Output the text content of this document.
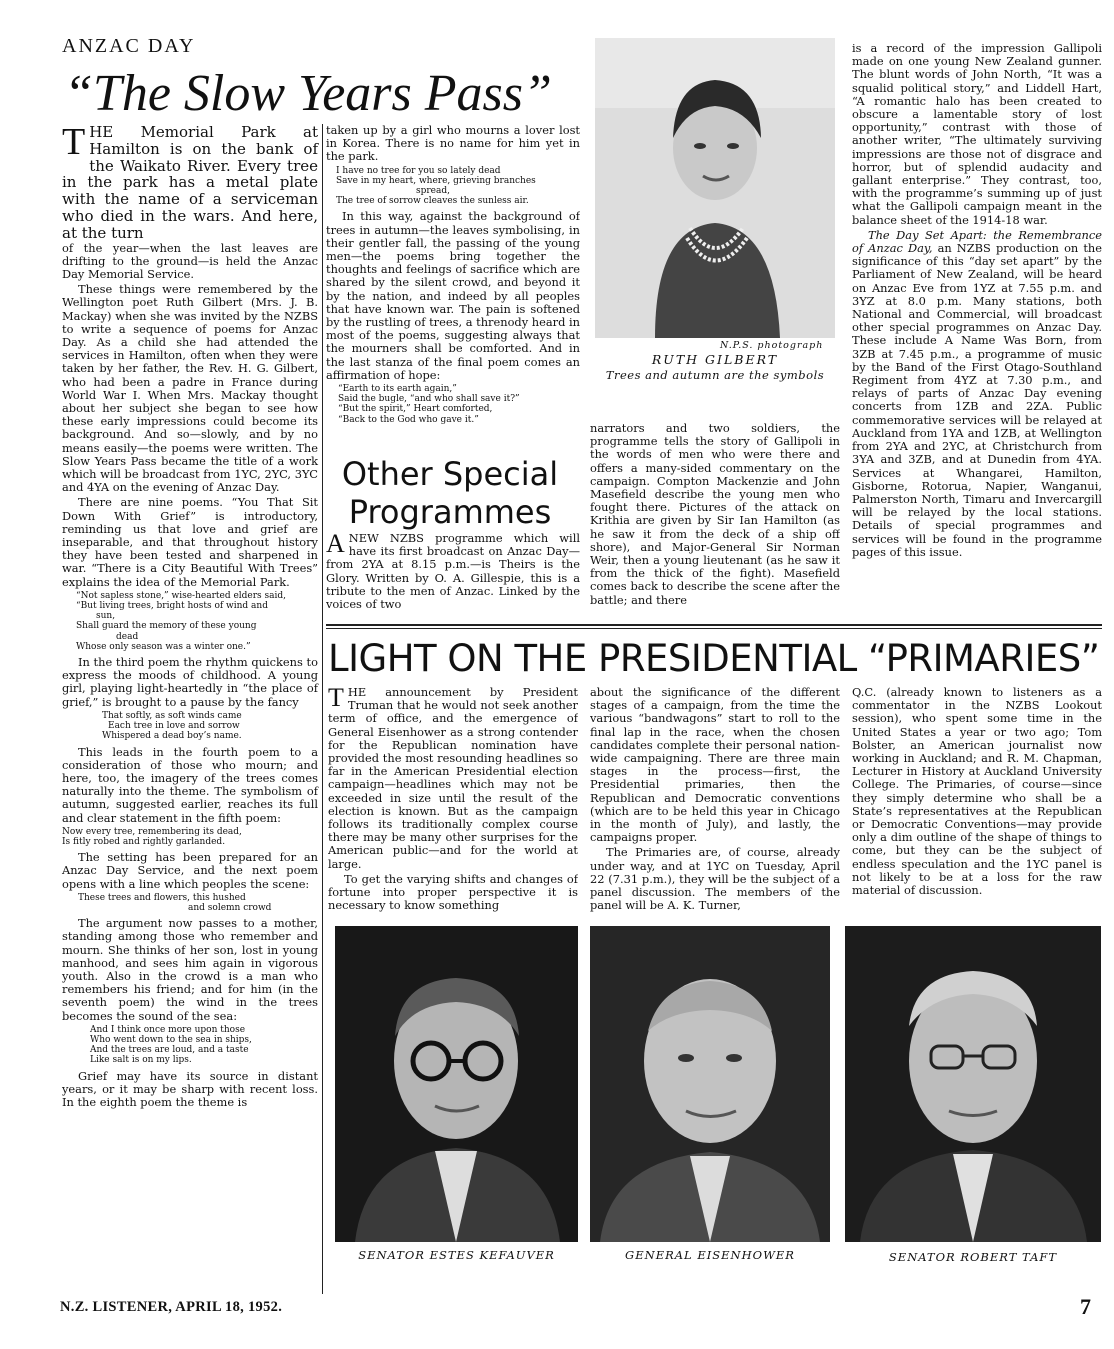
ANZAC DAY
“The Slow Years Pass”

THE Memorial Park at Hamilton is on the bank of the Waikato River. Every tree in the park has a metal plate with the name of a serviceman who died in the wars. And here, at the turn

of the year—when the last leaves are drifting to the ground—is held the Anzac Day Memorial Service.

These things were remembered by the Wellington poet Ruth Gilbert (Mrs. J. B. Mackay) when she was invited by the NZBS to write a sequence of poems for Anzac Day. As a child she had attended the services in Hamilton, often when they were taken by her father, the Rev. H. G. Gilbert, who had been a padre in France during World War I. When Mrs. Mackay thought about her subject she began to see how these early impressions could become its background. And so—slowly, and by no means easily—the poems were written. The Slow Years Pass became the title of a work which will be broadcast from 1YC, 2YC, 3YC and 4YA on the evening of Anzac Day.

There are nine poems. “You That Sit Down With Grief” is introductory, reminding us that love and grief are inseparable, and that throughout history they have been tested and sharpened in war. “There is a City Beautiful With Trees” explains the idea of the Memorial Park.

“Not sapless stone,” wise-hearted elders said,
“But living trees, bright hosts of wind and
sun,
Shall guard the memory of these young
dead
Whose only season was a winter one.”

In the third poem the rhythm quickens to express the moods of childhood. A young girl, playing light-heartedly in “the place of grief,” is brought to a pause by the fancy

That softly, as soft winds came
Each tree in love and sorrow
Whispered a dead boy’s name.

This leads in the fourth poem to a consideration of those who mourn; and here, too, the imagery of the trees comes naturally into the theme. The symbolism of autumn, suggested earlier, reaches its full and clear statement in the fifth poem:

Now every tree, remembering its dead,
Is fitly robed and rightly garlanded.

The setting has been prepared for an Anzac Day Service, and the next poem opens with a line which peoples the scene:

These trees and flowers, this hushed
and solemn crowd

The argument now passes to a mother, standing among those who remember and mourn. She thinks of her son, lost in young manhood, and sees him again in vigorous youth. Also in the crowd is a man who remembers his friend; and for him (in the seventh poem) the wind in the trees becomes the sound of the sea:

And I think once more upon those
Who went down to the sea in ships,
And the trees are loud, and a taste
Like salt is on my lips.

Grief may have its source in distant years, or it may be sharp with recent loss. In the eighth poem the theme is

taken up by a girl who mourns a lover lost in Korea. There is no name for him yet in the park.

I have no tree for you so lately dead
Save in my heart, where, grieving branches
spread,
The tree of sorrow cleaves the sunless air.

In this way, against the background of trees in autumn—the leaves symbolising, in their gentler fall, the passing of the young men—the poems bring together the thoughts and feelings of sacrifice which are shared by the silent crowd, and beyond it by the nation, and indeed by all peoples that have known war. The pain is softened by the rustling of trees, a threnody heard in most of the poems, suggesting always that the mourners shall be comforted. And in the last stanza of the final poem comes an affirmation of hope:

“Earth to its earth again,”
Said the bugle, “and who shall save it?”
“But the spirit,” Heart comforted,
“Back to the God who gave it.”
Other Special Programmes

ANEW NZBS programme which will have its first broadcast on Anzac Day—from 2YA at 8.15 p.m.—is Theirs is the Glory. Written by O. A. Gillespie, this is a tribute to the men of Anzac. Linked by the voices of two

N.P.S. photograph
RUTH GILBERT
Trees and autumn are the symbols

narrators and two soldiers, the programme tells the story of Gallipoli in the words of men who were there and offers a many-sided commentary on the campaign. Compton Mackenzie and John Masefield describe the young men who fought there. Pictures of the attack on Krithia are given by Sir Ian Hamilton (as he saw it from the deck of a ship off shore), and Major-General Sir Norman Weir, then a young lieutenant (as he saw it from the thick of the fight). Masefield comes back to describe the scene after the battle; and there

is a record of the impression Gallipoli made on one young New Zealand gunner. The blunt words of John North, “It was a squalid political story,” and Liddell Hart, “A romantic halo has been created to obscure a lamentable story of lost opportunity,” contrast with those of another writer, “The ultimately surviving impressions are those not of disgrace and horror, but of splendid audacity and gallant enterprise.” They contrast, too, with the programme’s summing up of just what the Gallipoli campaign meant in the balance sheet of the 1914-18 war.

The Day Set Apart: the Remembrance of Anzac Day, an NZBS production on the significance of this “day set apart” by the Parliament of New Zealand, will be heard on Anzac Eve from 1YZ at 7.55 p.m. and 3YZ at 8.0 p.m. Many stations, both National and Commercial, will broadcast other special programmes on Anzac Day. These include A Name Was Born, from 3ZB at 7.45 p.m., a programme of music by the Band of the First Otago-Southland Regiment from 4YZ at 7.30 p.m., and relays of parts of Anzac Day evening concerts from 1ZB and 2ZA. Public commemorative services will be relayed at Auckland from 1YA and 1ZB, at Wellington from 2YA and 2YC, at Christchurch from 3YA and 3ZB, and at Dunedin from 4YA. Services at Whangarei, Hamilton, Gisborne, Rotorua, Napier, Wanganui, Palmerston North, Timaru and Invercargill will be relayed by the local stations. Details of special programmes and services will be found in the programme pages of this issue.

LIGHT ON THE PRESIDENTIAL “PRIMARIES”

THE announcement by President Truman that he would not seek another term of office, and the emergence of General Eisenhower as a strong contender for the Republican nomination have provided the most resounding headlines so far in the American Presidential election campaign—headlines which may not be exceeded in size until the result of the election is known. But as the campaign follows its traditionally complex course there may be many other surprises for the American public—and for the world at large.

To get the varying shifts and changes of fortune into proper perspective it is necessary to know something

about the significance of the different stages of a campaign, from the time the various “bandwagons” start to roll to the final lap in the race, when the chosen candidates complete their personal nation-wide campaigning. There are three main stages in the process—first, the Presidential primaries, then the Republican and Democratic conventions (which are to be held this year in Chicago in the month of July), and lastly, the campaigns proper.

The Primaries are, of course, already under way, and at 1YC on Tuesday, April 22 (7.31 p.m.), they will be the subject of a panel discussion. The members of the panel will be A. K. Turner,

Q.C. (already known to listeners as a commentator in the NZBS Lookout session), who spent some time in the United States a year or two ago; Tom Bolster, an American journalist now working in Auckland; and R. M. Chapman, Lecturer in History at Auckland University College. The Primaries, of course—since they simply determine who shall be a State’s representatives at the Republican or Democratic Conventions—may provide only a dim outline of the shape of things to come, but they can be the subject of endless speculation and the 1YC panel is not likely to be at a loss for the raw material of discussion.

SENATOR ESTES KEFAUVER	GENERAL EISENHOWER	SENATOR ROBERT TAFT
N.Z. LISTENER, APRIL 18, 1952.	7
